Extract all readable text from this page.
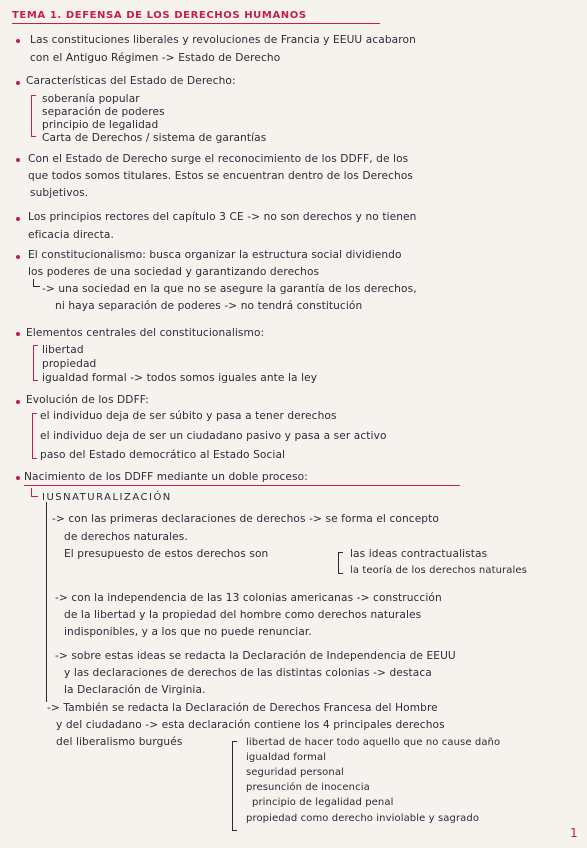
TEMA 1. DEFENSA DE LOS DERECHOS HUMANOS
Las constituciones liberales y revoluciones de Francia y EEUU acabaron
con el Antiguo Régimen -> Estado de Derecho
Características del Estado de Derecho:
soberanía popular
separación de poderes
principio de legalidad
Carta de Derechos / sistema de garantías
Con el Estado de Derecho surge el reconocimiento de los DDFF, de los
que todos somos titulares. Estos se encuentran dentro de los Derechos
subjetivos.
Los principios rectores del capítulo 3 CE -> no son derechos y no tienen
eficacia directa.
El constitucionalismo: busca organizar la estructura social dividiendo
los poderes de una sociedad y garantizando derechos
-> una sociedad en la que no se asegure la garantía de los derechos,
ni haya separación de poderes -> no tendrá constitución
Elementos centrales del constitucionalismo:
libertad
propiedad
igualdad formal -> todos somos iguales ante la ley
Evolución de los DDFF:
el individuo deja de ser súbito y pasa a tener derechos
el individuo deja de ser un ciudadano pasivo y pasa a ser activo
paso del Estado democrático al Estado Social
Nacimiento de los DDFF mediante un doble proceso:
IUSNATURALIZACIÓN
-> con las primeras declaraciones de derechos -> se forma el concepto
de derechos naturales.
El presupuesto de estos derechos son	las ideas contractualistas
la teoría de los derechos naturales
-> con la independencia de las 13 colonias americanas -> construcción
de la libertad y la propiedad del hombre como derechos naturales
indisponibles, y a los que no puede renunciar.
-> sobre estas ideas se redacta la Declaración de Independencia de EEUU
y las declaraciones de derechos de las distintas colonias -> destaca
la Declaración de Virginia.
-> También se redacta la Declaración de Derechos Francesa del Hombre
y del ciudadano -> esta declaración contiene los 4 principales derechos
del liberalismo burgués	libertad de hacer todo aquello que no cause daño
igualdad formal
seguridad personal
presunción de inocencia
principio de legalidad penal
propiedad como derecho inviolable y sagrado
1
